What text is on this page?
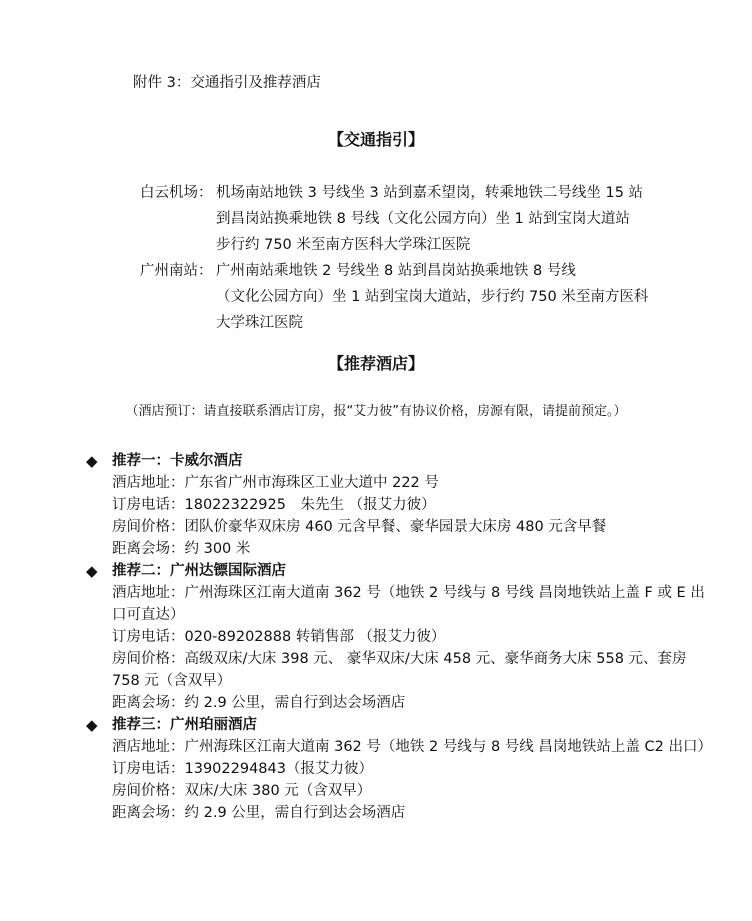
附件 3：交通指引及推荐酒店
【交通指引】
白云机场： 机场南站地铁 3 号线坐 3 站到嘉禾望岗，转乘地铁二号线坐 15 站
到昌岗站换乘地铁 8 号线（文化公园方向）坐 1 站到宝岗大道站
步行约 750 米至南方医科大学珠江医院
广州南站： 广州南站乘地铁 2 号线坐 8 站到昌岗站换乘地铁 8 号线
（文化公园方向）坐 1 站到宝岗大道站，步行约 750 米至南方医科
大学珠江医院
【推荐酒店】
（酒店预订：请直接联系酒店订房，报“艾力彼”有协议价格，房源有限，请提前预定。）
◆ 推荐一：卡威尔酒店
酒店地址：广东省广州市海珠区工业大道中 222 号
订房电话：18022322925　朱先生 （报艾力彼）
房间价格：团队价豪华双床房 460 元含早餐、豪华园景大床房 480 元含早餐
距离会场：约 300 米
◆ 推荐二：广州达镖国际酒店
酒店地址：广州海珠区江南大道南 362 号（地铁 2 号线与 8 号线 昌岗地铁站上盖 F 或 E 出口可直达）
订房电话：020-89202888 转销售部 （报艾力彼）
房间价格：高级双床/大床 398 元、 豪华双床/大床 458 元、豪华商务大床 558 元、套房 758 元（含双早）
距离会场：约 2.9 公里，需自行到达会场酒店
◆ 推荐三：广州珀丽酒店
酒店地址：广州海珠区江南大道南 362 号（地铁 2 号线与 8 号线 昌岗地铁站上盖 C2 出口）
订房电话：13902294843（报艾力彼）
房间价格：双床/大床 380 元（含双早）
距离会场：约 2.9 公里，需自行到达会场酒店
